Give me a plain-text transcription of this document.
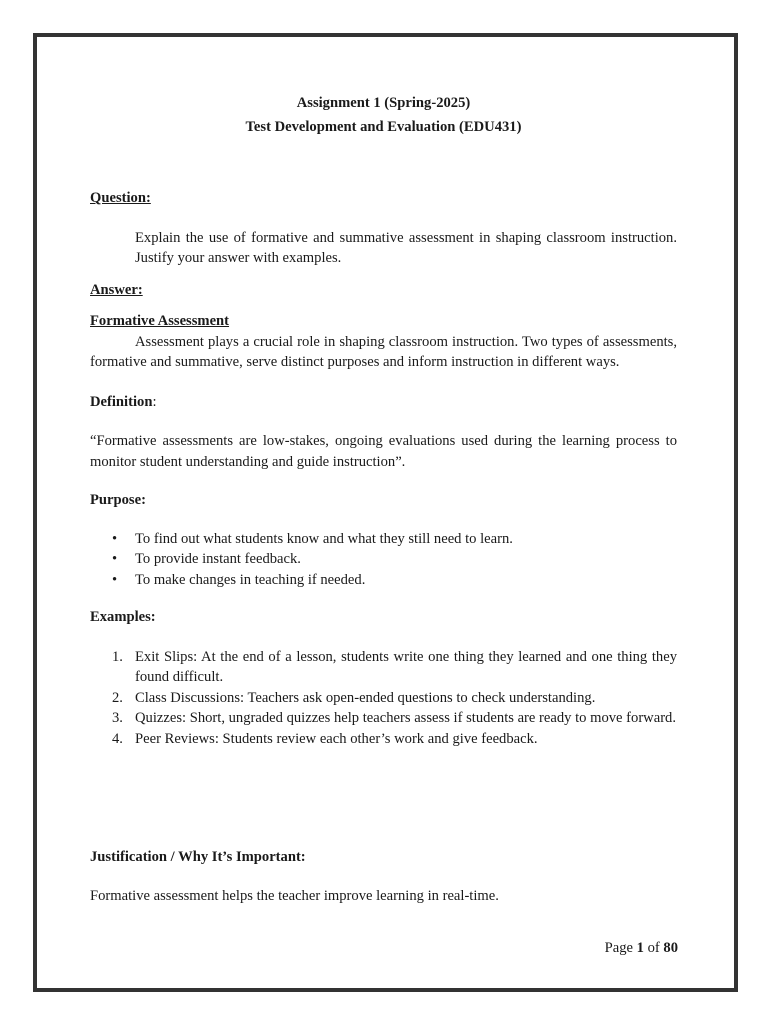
Assignment 1 (Spring-2025)
Test Development and Evaluation (EDU431)
Question:
Explain the use of formative and summative assessment in shaping classroom instruction. Justify your answer with examples.
Answer:
Formative Assessment
Assessment plays a crucial role in shaping classroom instruction. Two types of assessments, formative and summative, serve distinct purposes and inform instruction in different ways.
Definition:
“Formative assessments are low-stakes, ongoing evaluations used during the learning process to monitor student understanding and guide instruction”.
Purpose:
• To find out what students know and what they still need to learn.
• To provide instant feedback.
• To make changes in teaching if needed.
Examples:
1. Exit Slips: At the end of a lesson, students write one thing they learned and one thing they found difficult.
2. Class Discussions: Teachers ask open-ended questions to check understanding.
3. Quizzes: Short, ungraded quizzes help teachers assess if students are ready to move forward.
4. Peer Reviews: Students review each other’s work and give feedback.
Justification / Why It’s Important:
Formative assessment helps the teacher improve learning in real-time.
Page 1 of 80
